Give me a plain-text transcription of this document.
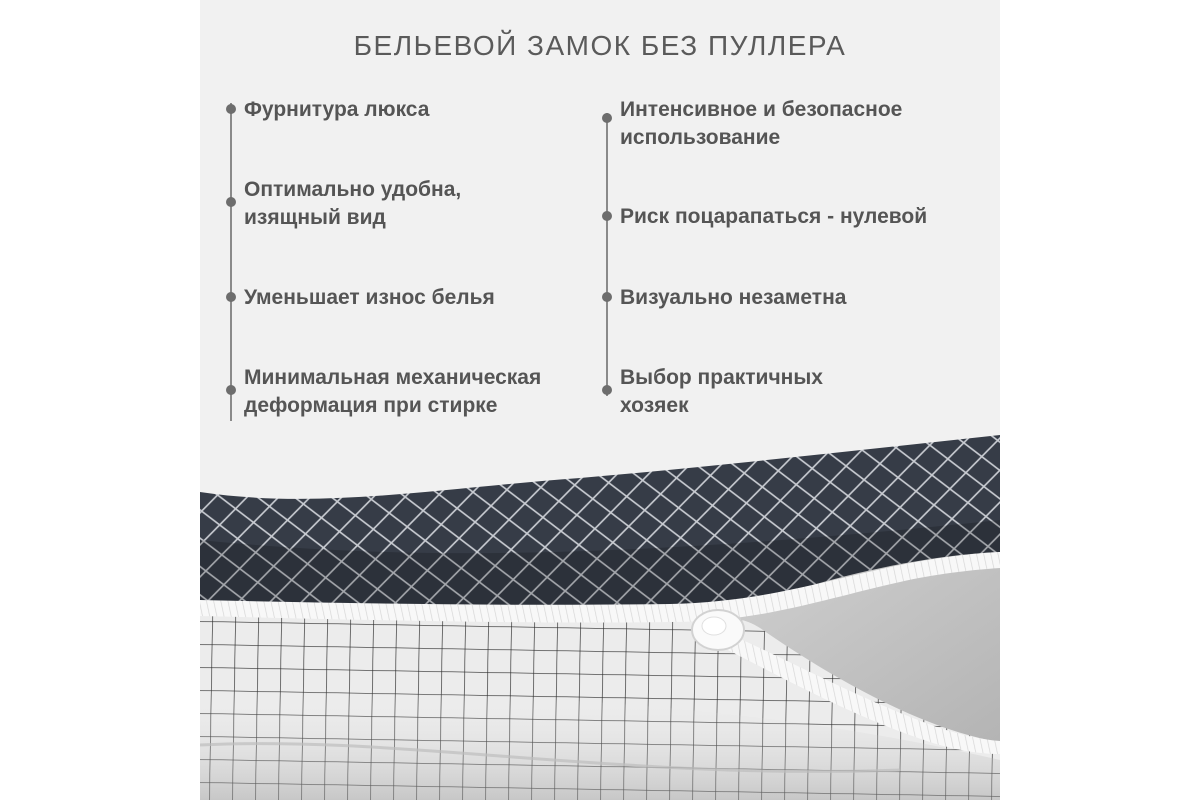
БЕЛЬЕВОЙ ЗАМОК БЕЗ ПУЛЛЕРА
Фурнитура люкса
Оптимально удобна,
изящный вид
Уменьшает износ белья
Минимальная механическая
деформация при стирке
Интенсивное и безопасное
использование
Риск поцарапаться - нулевой
Визуально незаметна
Выбор практичных
хозяек
